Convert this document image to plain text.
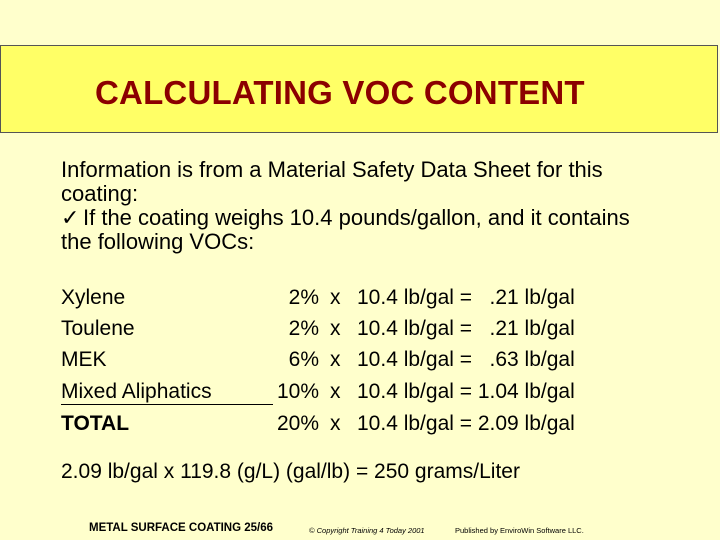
CALCULATING VOC CONTENT
Information is from a Material Safety Data Sheet for this
coating:
✓ If the coating weighs 10.4 pounds/gallon, and it contains
the following VOCs:
Xylene	2% x 10.4 lb/gal =   .21 lb/gal
Toulene	2% x 10.4 lb/gal =   .21 lb/gal
MEK	6% x 10.4 lb/gal =   .63 lb/gal
Mixed Aliphatics	10% x 10.4 lb/gal = 1.04 lb/gal
TOTAL	20% x 10.4 lb/gal = 2.09 lb/gal
2.09 lb/gal x 119.8 (g/L) (gal/lb) = 250 grams/Liter
METAL SURFACE COATING 25/66	© Copyright Training 4 Today 2001	Published by EnviroWin Software LLC.
